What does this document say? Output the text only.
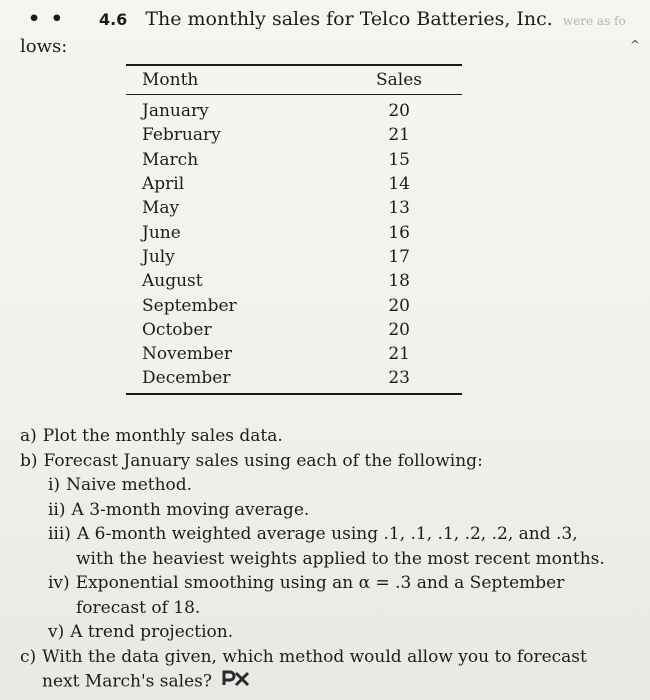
• • 4.6 The monthly sales for Telco Batteries, Inc. were as fo
lows:	^
Month	Sales
January	20
February	21
March	15
April	14
May	13
June	16
July	17
August	18
September	20
October	20
November	21
December	23
a) Plot the monthly sales data.
b) Forecast January sales using each of the following:
i) Naive method.
ii) A 3-month moving average.
iii) A 6-month weighted average using .1, .1, .1, .2, .2, and .3,
with the heaviest weights applied to the most recent months.
iv) Exponential smoothing using an α = .3 and a September
forecast of 18.
v) A trend projection.
c) With the data given, which method would allow you to forecast
next March's sales?
